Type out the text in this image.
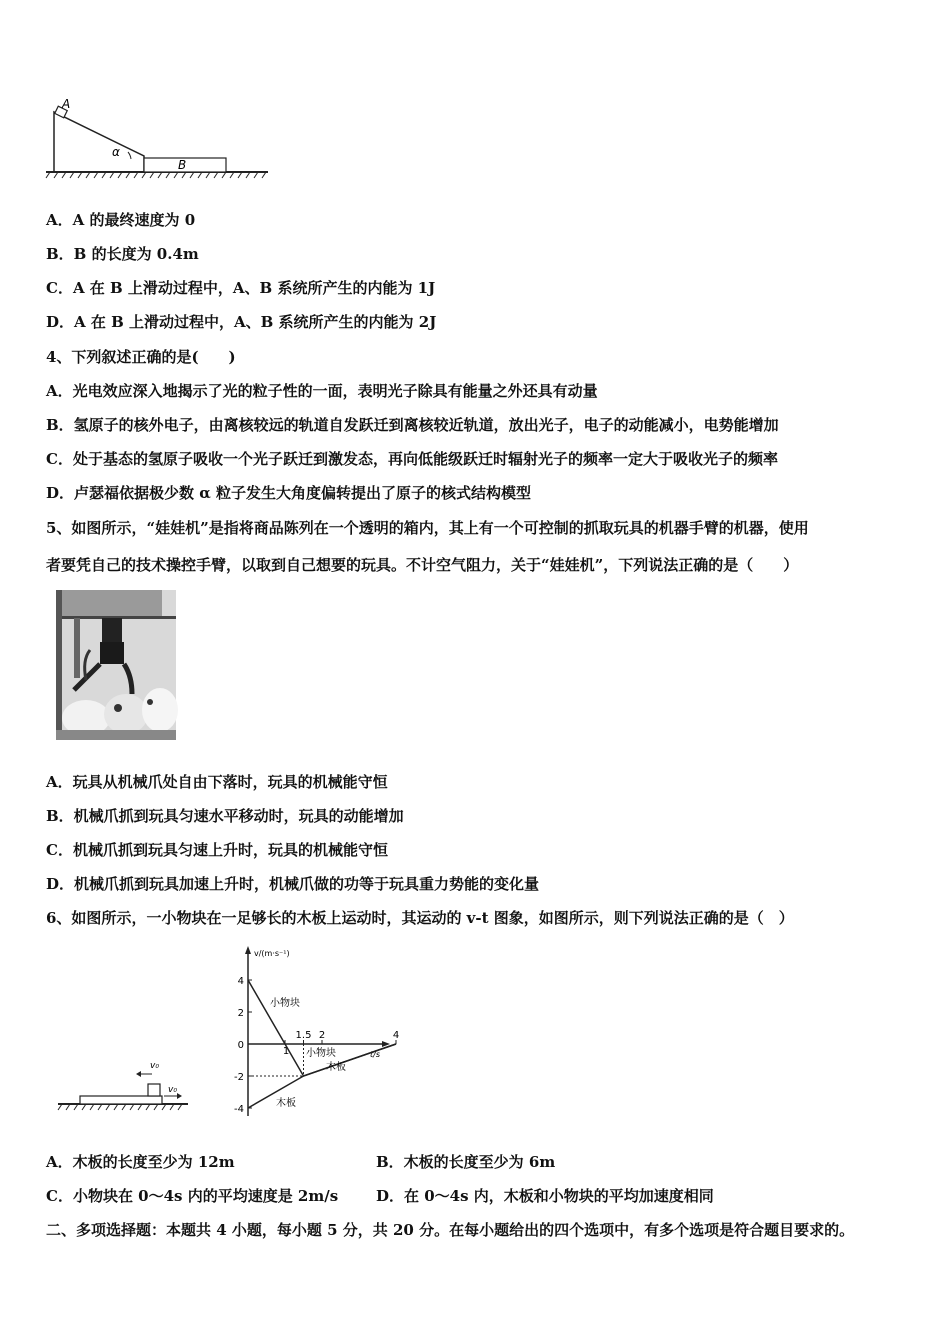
A
α
B
A．A 的最终速度为 0
B．B 的长度为 0.4m
C．A 在 B 上滑动过程中，A、B 系统所产生的内能为 1J
D．A 在 B 上滑动过程中，A、B 系统所产生的内能为 2J
4、下列叙述正确的是(　　)
A．光电效应深入地揭示了光的粒子性的一面，表明光子除具有能量之外还具有动量
B．氢原子的核外电子，由离核较远的轨道自发跃迁到离核较近轨道，放出光子，电子的动能减小，电势能增加
C．处于基态的氢原子吸收一个光子跃迁到激发态，再向低能级跃迁时辐射光子的频率一定大于吸收光子的频率
D．卢瑟福依据极少数 α 粒子发生大角度偏转提出了原子的核式结构模型
5、如图所示，“娃娃机”是指将商品陈列在一个透明的箱内，其上有一个可控制的抓取玩具的机器手臂的机器，使用
者要凭自己的技术操控手臂，以取到自己想要的玩具。不计空气阻力，关于“娃娃机”，下列说法正确的是（　　）
A．玩具从机械爪处自由下落时，玩具的机械能守恒
B．机械爪抓到玩具匀速水平移动时，玩具的动能增加
C．机械爪抓到玩具匀速上升时，玩具的机械能守恒
D．机械爪抓到玩具加速上升时，机械爪做的功等于玩具重力势能的变化量
6、如图所示，一小物块在一足够长的木板上运动时，其运动的 v-t 图象，如图所示，则下列说法正确的是（　）
v₀
v₀
v/(m·s⁻¹)
t/s
4
2
0
-2
-4
1
1.5 2	4
小物块
小物块
木板
木板
A．木板的长度至少为 12m	B．木板的长度至少为 6m
C．小物块在 0～4s 内的平均速度是 2m/s	D．在 0～4s 内，木板和小物块的平均加速度相同
二、多项选择题：本题共 4 小题，每小题 5 分，共 20 分。在每小题给出的四个选项中，有多个选项是符合题目要求的。
